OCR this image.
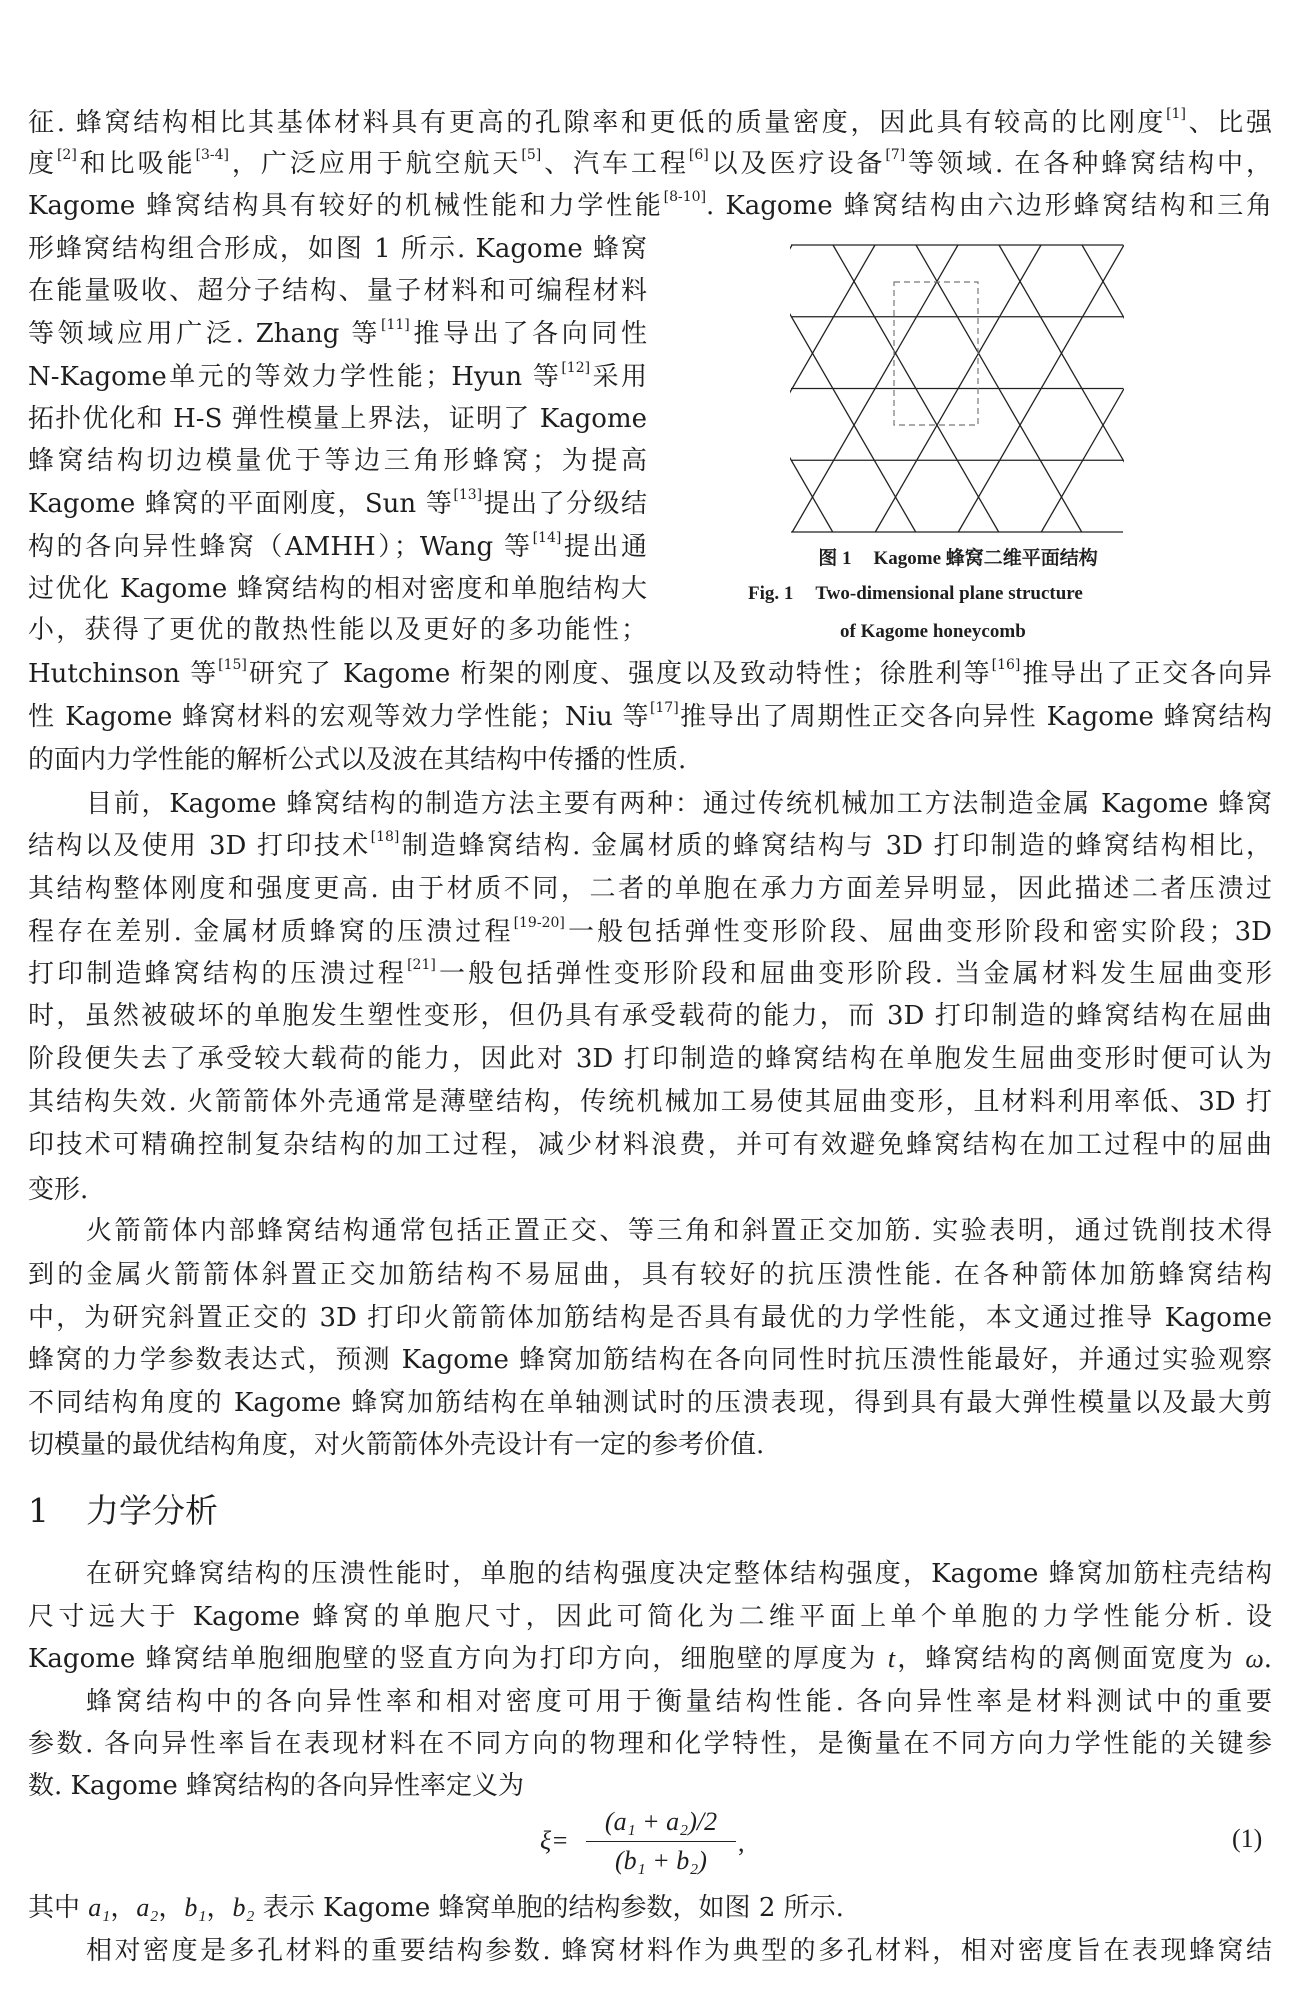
征. 蜂窝结构相比其基体材料具有更高的孔隙率和更低的质量密度，因此具有较高的比刚度[1]、比强
度[2]和比吸能[3-4]，广泛应用于航空航天[5]、汽车工程[6]以及医疗设备[7]等领域. 在各种蜂窝结构中，
Kagome 蜂窝结构具有较好的机械性能和力学性能[8-10]. Kagome 蜂窝结构由六边形蜂窝结构和三角
形蜂窝结构组合形成，如图 1 所示. Kagome 蜂窝
在能量吸收、超分子结构、量子材料和可编程材料
等领域应用广泛. Zhang 等[11]推导出了各向同性
N-Kagome单元的等效力学性能；Hyun 等[12]采用
拓扑优化和 H-S 弹性模量上界法，证明了 Kagome
蜂窝结构切边模量优于等边三角形蜂窝；为提高
Kagome 蜂窝的平面刚度，Sun 等[13]提出了分级结
构的各向异性蜂窝（AMHH）；Wang 等[14]提出通
过优化 Kagome 蜂窝结构的相对密度和单胞结构大
小，获得了更优的散热性能以及更好的多功能性；
Hutchinson 等[15]研究了 Kagome 桁架的刚度、强度以及致动特性；徐胜利等[16]推导出了正交各向异
性 Kagome 蜂窝材料的宏观等效力学性能；Niu 等[17]推导出了周期性正交各向异性 Kagome 蜂窝结构
的面内力学性能的解析公式以及波在其结构中传播的性质.
目前，Kagome 蜂窝结构的制造方法主要有两种：通过传统机械加工方法制造金属 Kagome 蜂窝
结构以及使用 3D 打印技术[18]制造蜂窝结构. 金属材质的蜂窝结构与 3D 打印制造的蜂窝结构相比，
其结构整体刚度和强度更高. 由于材质不同，二者的单胞在承力方面差异明显，因此描述二者压溃过
程存在差别. 金属材质蜂窝的压溃过程[19-20]一般包括弹性变形阶段、屈曲变形阶段和密实阶段；3D
打印制造蜂窝结构的压溃过程[21]一般包括弹性变形阶段和屈曲变形阶段. 当金属材料发生屈曲变形
时，虽然被破坏的单胞发生塑性变形，但仍具有承受载荷的能力，而 3D 打印制造的蜂窝结构在屈曲
阶段便失去了承受较大载荷的能力，因此对 3D 打印制造的蜂窝结构在单胞发生屈曲变形时便可认为
其结构失效. 火箭箭体外壳通常是薄壁结构，传统机械加工易使其屈曲变形，且材料利用率低、3D 打
印技术可精确控制复杂结构的加工过程，减少材料浪费，并可有效避免蜂窝结构在加工过程中的屈曲
变形.
火箭箭体内部蜂窝结构通常包括正置正交、等三角和斜置正交加筋. 实验表明，通过铣削技术得
到的金属火箭箭体斜置正交加筋结构不易屈曲，具有较好的抗压溃性能. 在各种箭体加筋蜂窝结构
中，为研究斜置正交的 3D 打印火箭箭体加筋结构是否具有最优的力学性能，本文通过推导 Kagome
蜂窝的力学参数表达式，预测 Kagome 蜂窝加筋结构在各向同性时抗压溃性能最好，并通过实验观察
不同结构角度的 Kagome 蜂窝加筋结构在单轴测试时的压溃表现，得到具有最大弹性模量以及最大剪
切模量的最优结构角度，对火箭箭体外壳设计有一定的参考价值.
在研究蜂窝结构的压溃性能时，单胞的结构强度决定整体结构强度，Kagome 蜂窝加筋柱壳结构
尺寸远大于 Kagome 蜂窝的单胞尺寸，因此可简化为二维平面上单个单胞的力学性能分析. 设
Kagome 蜂窝结单胞细胞壁的竖直方向为打印方向，细胞壁的厚度为 t，蜂窝结构的离侧面宽度为 ω.
蜂窝结构中的各向异性率和相对密度可用于衡量结构性能. 各向异性率是材料测试中的重要
参数. 各向异性率旨在表现材料在不同方向的物理和化学特性，是衡量在不同方向力学性能的关键参
数. Kagome 蜂窝结构的各向异性率定义为
其中 a₁，a₂，b₁，b₂ 表示 Kagome 蜂窝单胞的结构参数，如图 2 所示.
相对密度是多孔材料的重要结构参数. 蜂窝材料作为典型的多孔材料，相对密度旨在表现蜂窝结
图 1 Kagome 蜂窝二维平面结构
Fig. 1 Two-dimensional plane structure
of Kagome honeycomb
1 力学分析
ξ=
(a₁ + a₂)/2
(b₁ + b₂)
,	(1)
